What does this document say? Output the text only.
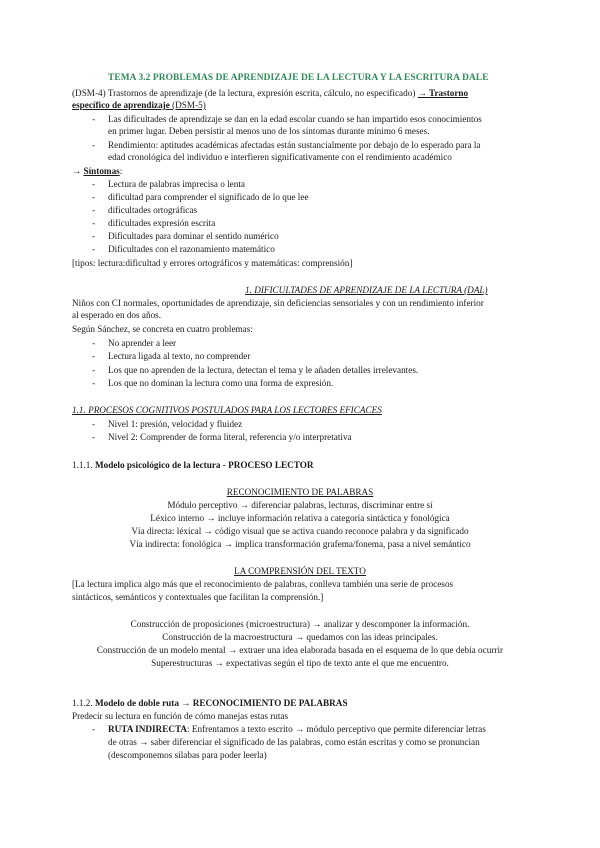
TEMA 3.2 PROBLEMAS DE APRENDIZAJE DE LA LECTURA Y LA ESCRITURA DALE
(DSM-4) Trastornos de aprendizaje (de la lectura, expresión escrita, cálculo, no especificado) → Trastorno
específico de aprendizaje (DSM-5)
- Las dificultades de aprendizaje se dan en la edad escolar cuando se han impartido esos conocimientos
en primer lugar. Deben persistir al menos uno de los síntomas durante mínimo 6 meses.
- Rendimiento: aptitudes académicas afectadas están sustancialmente por debajo de lo esperado para la
edad cronológica del individuo e interfieren significativamente con el rendimiento académico
→ Síntomas:
- Lectura de palabras imprecisa o lenta
- dificultad para comprender el significado de lo que lee
- dificultades ortográficas
- dificultades expresión escrita
- Dificultades para dominar el sentido numérico
- Dificultades con el razonamiento matemático
[tipos: lectura:dificultad y errores ortográficos y matemáticas: comprensión]
1. DIFICULTADES DE APRENDIZAJE DE LA LECTURA (DAL)
Niños con CI normales, oportunidades de aprendizaje, sin deficiencias sensoriales y con un rendimiento inferior
al esperado en dos años.
Según Sánchez, se concreta en cuatro problemas:
- No aprender a leer
- Lectura ligada al texto, no comprender
- Los que no aprenden de la lectura, detectan el tema y le añaden detalles irrelevantes.
- Los que no dominan la lectura como una forma de expresión.
1.1. PROCESOS COGNITIVOS POSTULADOS PARA LOS LECTORES EFICACES
- Nivel 1: presión, velocidad y fluidez
- Nivel 2: Comprender de forma literal, referencia y/o interpretativa
1.1.1. Modelo psicológico de la lectura - PROCESO LECTOR
RECONOCIMIENTO DE PALABRAS
Módulo perceptivo → diferenciar palabras, lecturas, discriminar entre sí
Léxico interno → incluye información relativa a categoría sintáctica y fonológica
Vía directa: léxical → código visual que se activa cuando reconoce palabra y da significado
Vía indirecta: fonológica → implica transformación grafema/fonema, pasa a nivel semántico
LA COMPRENSIÓN DEL TEXTO
[La lectura implica algo más que el reconocimiento de palabras, conlleva también una serie de procesos
sintácticos, semánticos y contextuales que facilitan la comprensión.]
Construcción de proposiciones (microestructura) → analizar y descomponer la información.
Construcción de la macroestructura → quedamos con las ideas principales.
Construcción de un modelo mental → extraer una idea elaborada basada en el esquema de lo que debía ocurrir
Superestructuras → expectativas según el tipo de texto ante el que me encuentro.
1.1.2. Modelo de doble ruta → RECONOCIMIENTO DE PALABRAS
Predecir su lectura en función de cómo manejas estas rutas
- RUTA INDIRECTA: Enfrentamos a texto escrito → módulo perceptivo que permite diferenciar letras
de otras → saber diferenciar el significado de las palabras, como están escritas y como se pronuncian
(descomponemos sílabas para poder leerla)
